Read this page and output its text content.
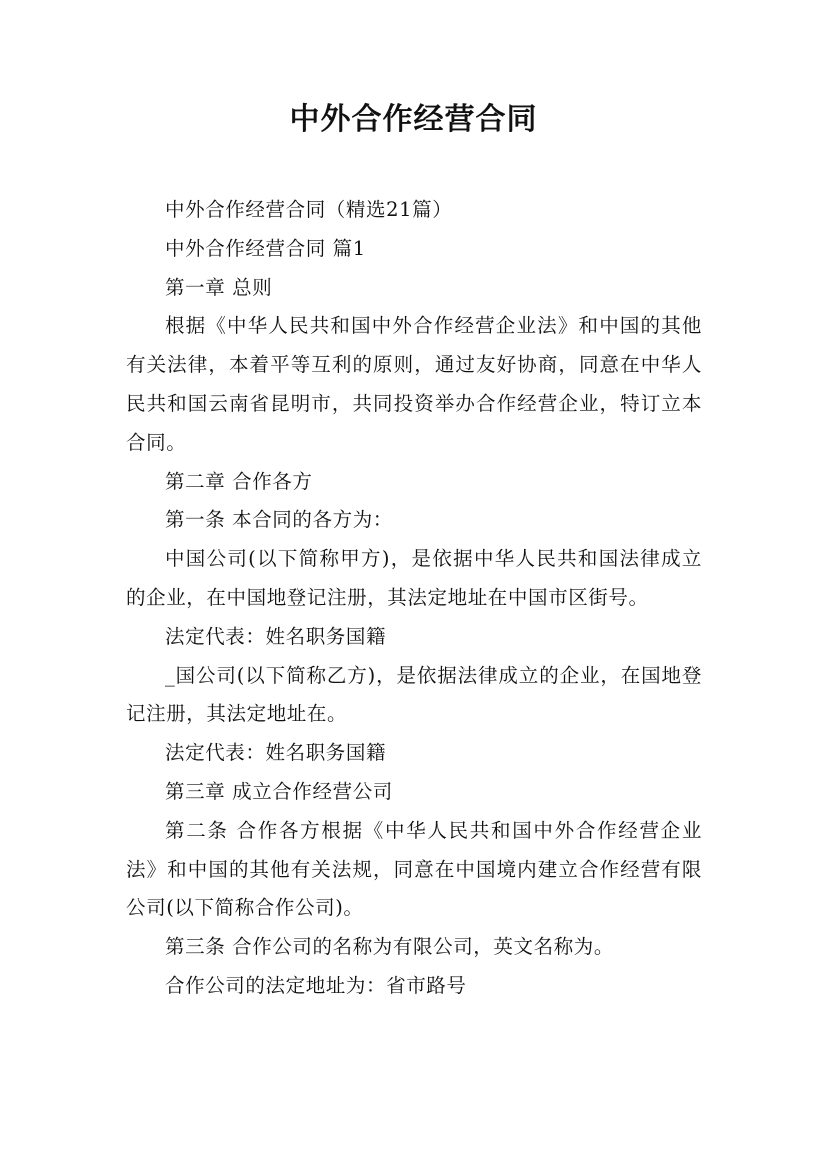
中外合作经营合同

中外合作经营合同（精选21篇）

中外合作经营合同 篇1

第一章 总则

根据《中华人民共和国中外合作经营企业法》和中国的其他有关法律，本着平等互利的原则，通过友好协商，同意在中华人民共和国云南省昆明市，共同投资举办合作经营企业，特订立本合同。

第二章 合作各方

第一条 本合同的各方为：

中国公司(以下简称甲方)，是依据中华人民共和国法律成立的企业，在中国地登记注册，其法定地址在中国市区街号。

法定代表：姓名职务国籍

_国公司(以下简称乙方)，是依据法律成立的企业，在国地登记注册，其法定地址在。

法定代表：姓名职务国籍

第三章 成立合作经营公司

第二条 合作各方根据《中华人民共和国中外合作经营企业法》和中国的其他有关法规，同意在中国境内建立合作经营有限公司(以下简称合作公司)。

第三条 合作公司的名称为有限公司，英文名称为。

合作公司的法定地址为：省市路号
